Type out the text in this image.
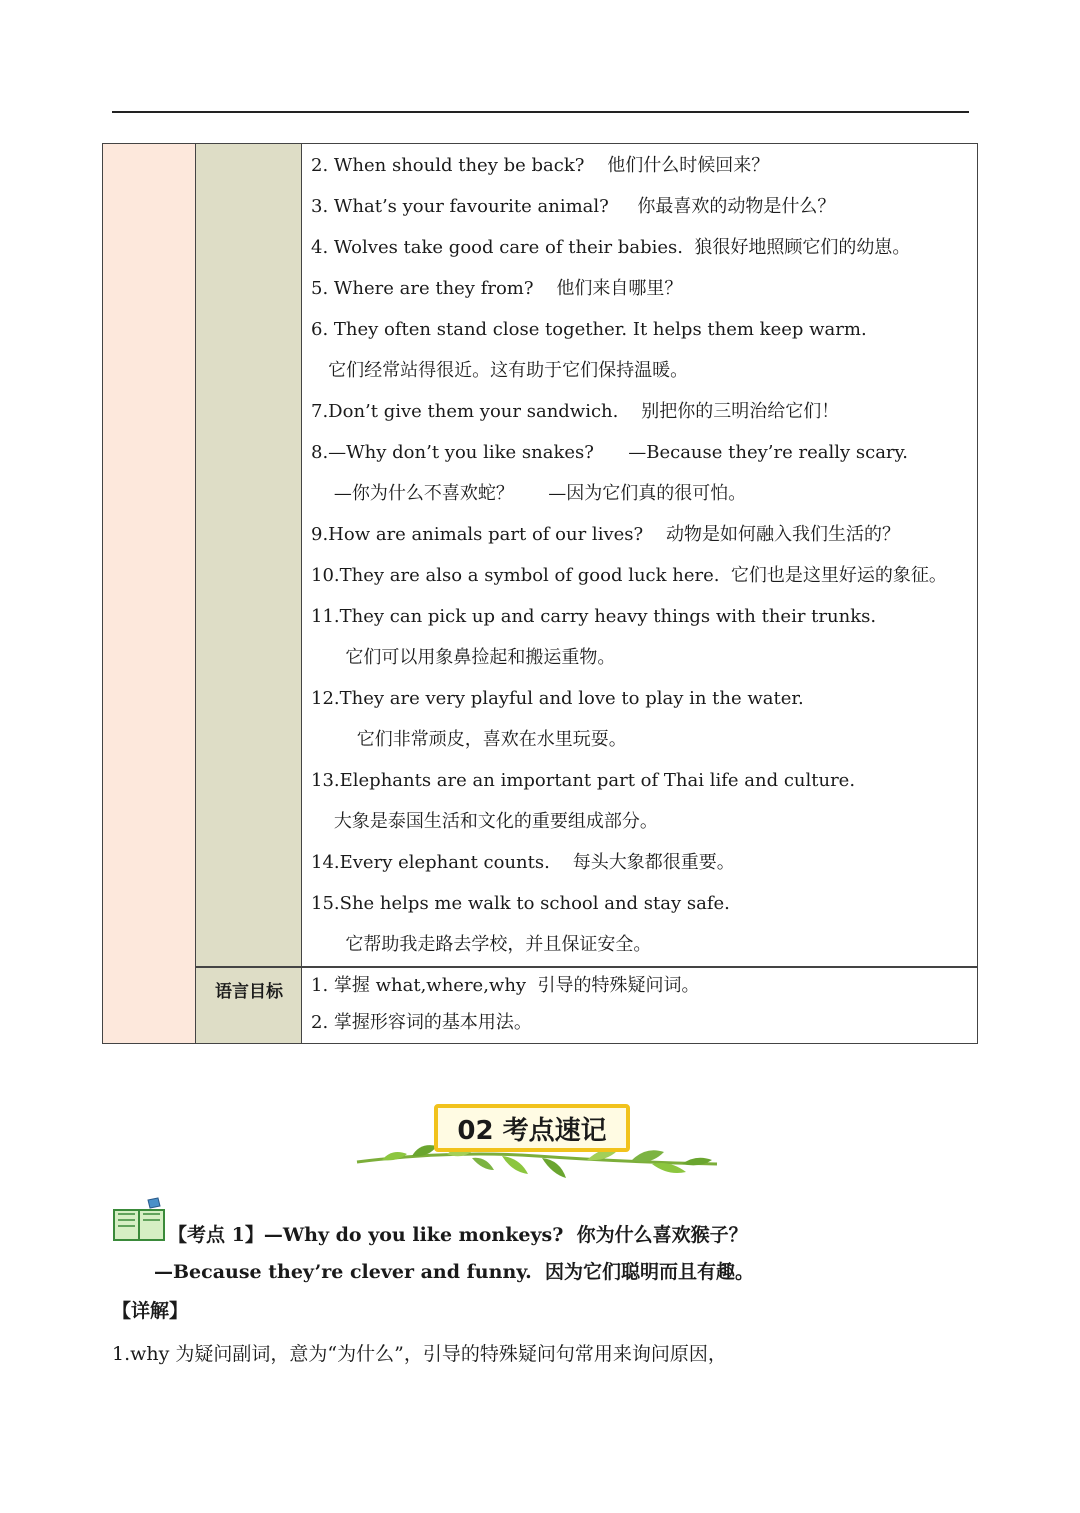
语言目标
2. When should they be back?    他们什么时候回来？
3. What’s your favourite animal?     你最喜欢的动物是什么？
4. Wolves take good care of their babies.  狼很好地照顾它们的幼崽。
5. Where are they from?    他们来自哪里？
6. They often stand close together. It helps them keep warm.
它们经常站得很近。这有助于它们保持温暖。
7.Don’t give them your sandwich.    别把你的三明治给它们！
8.—Why don’t you like snakes?      —Because they’re really scary.
—你为什么不喜欢蛇？      —因为它们真的很可怕。
9.How are animals part of our lives?    动物是如何融入我们生活的？
10.They are also a symbol of good luck here.  它们也是这里好运的象征。
11.They can pick up and carry heavy things with their trunks.
它们可以用象鼻捡起和搬运重物。
12.They are very playful and love to play in the water.
它们非常顽皮，喜欢在水里玩耍。
13.Elephants are an important part of Thai life and culture.
大象是泰国生活和文化的重要组成部分。
14.Every elephant counts.    每头大象都很重要。
15.She helps me walk to school and stay safe.
它帮助我走路去学校，并且保证安全。
1. 掌握 what,where,why  引导的特殊疑问词。
2. 掌握形容词的基本用法。
02 考点速记
【考点 1】—Why do you like monkeys?  你为什么喜欢猴子？
—Because they’re clever and funny.  因为它们聪明而且有趣。
【详解】
1.why 为疑问副词，意为“为什么”，引导的特殊疑问句常用来询问原因，
